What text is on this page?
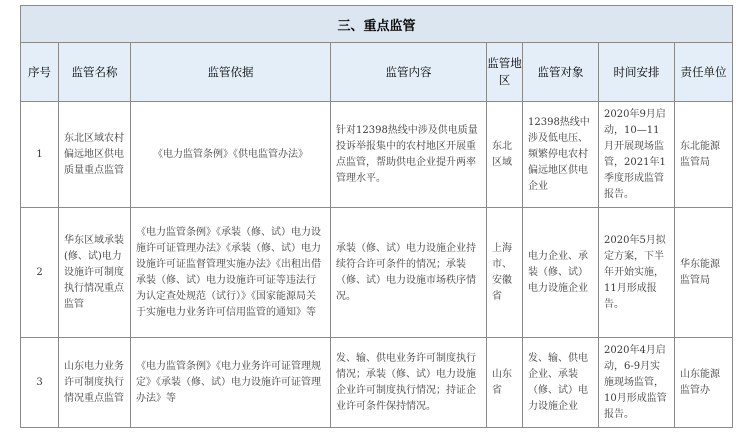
三、重点监管							
序号	监管名称	监管依据	监管内容	监管地区	监管对象	时间安排	责任单位
1	东北区域农村偏远地区供电质量重点监管	《电力监管条例》《供电监管办法》	针对12398热线中涉及供电质量投诉举报集中的农村地区开展重点监管，帮助供电企业提升两率管理水平。	东北区域	12398热线中涉及低电压、频繁停电农村偏远地区供电企业	2020年9月启动，10—11月开展现场监管，2021年1季度形成监管报告。	东北能源监管局
2	华东区域承装(修、试)电力设施许可制度执行情况重点监管	《电力监管条例》《承装（修、试）电力设施许可证管理办法》《承装（修、试）电力设施许可证监督管理实施办法》《出租出借承装（修、试）电力设施许可证等违法行为认定查处规范（试行）》《国家能源局关于实施电力业务许可信用监管的通知》等	承装（修、试）电力设施企业持续符合许可条件的情况；承装（修、试）电力设施市场秩序情况。	上海市、安徽省	电力企业、承装（修、试）电力设施企业	2020年5月拟定方案，下半年开始实施，11月形成报告。	华东能源监管局
3	山东电力业务许可制度执行情况重点监管	《电力监管条例》《电力业务许可证管理规定》《承装（修、试）电力设施许可证管理办法》等	发、输、供电业务许可制度执行情况；承装（修、试）电力设施企业许可制度执行情况；持证企业许可条件保持情况。	山东省	发、输、供电企业、承装（修、试）电力设施企业	2020年4月启动，6-9月实施现场监管，10月形成监管报告。	山东能源监管办
